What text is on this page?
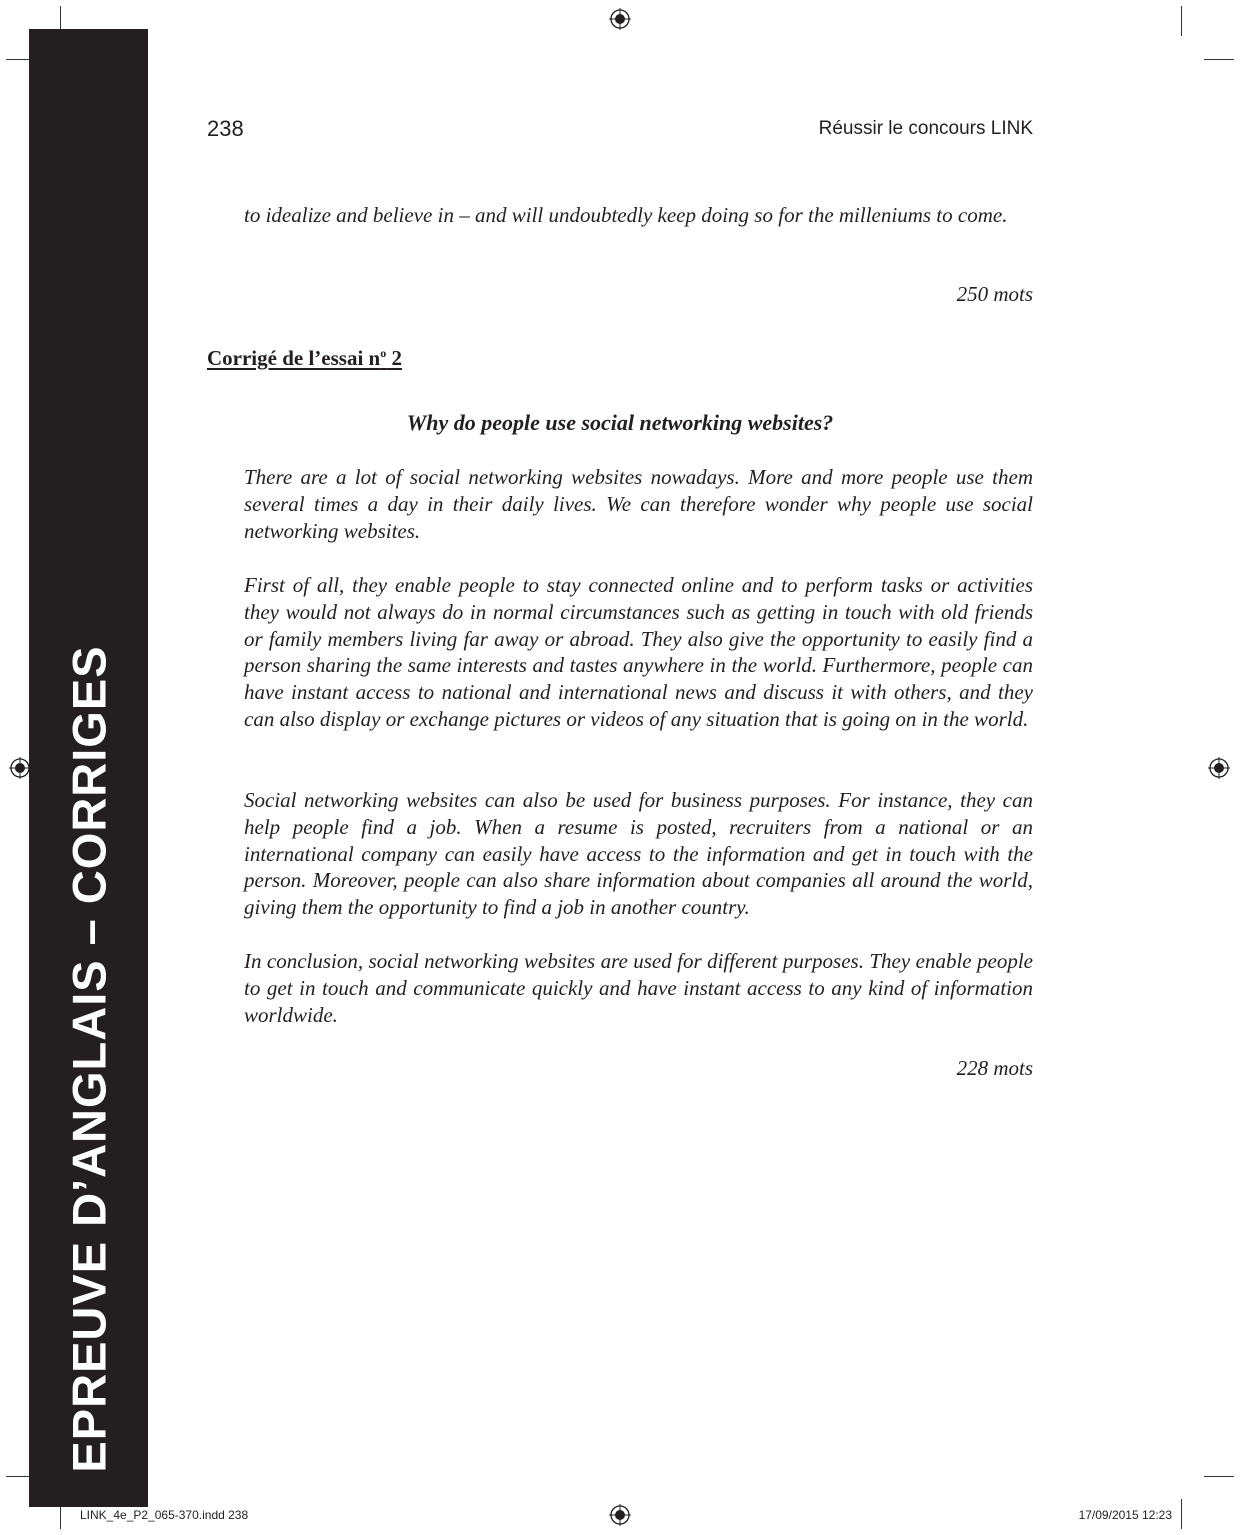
EPREUVE D’ANGLAIS – CORRIGES
238	Réussir le concours LINK

to idealize and believe in – and will undoubtedly keep doing so for the milleniums to come.

250 mots
Corrigé de l’essai $n^o$ 2
Why do people use social networking websites?

There are a lot of social networking websites nowadays. More and more people use them several times a day in their daily lives. We can therefore wonder why people use social networking websites.

First of all, they enable people to stay connected online and to perform tasks or activities they would not always do in normal circumstances such as getting in touch with old friends or family members living far away or abroad. They also give the opportunity to easily find a person sharing the same interests and tastes anywhere in the world. Furthermore, people can have instant access to national and international news and discuss it with others, and they can also display or exchange pictures or videos of any situation that is going on in the world.

Social networking websites can also be used for business purposes. For instance, they can help people find a job. When a resume is posted, recruiters from a national or an international company can easily have access to the information and get in touch with the person. Moreover, people can also share information about companies all around the world, giving them the opportunity to find a job in another country.

In conclusion, social networking websites are used for different purposes. They enable people to get in touch and communicate quickly and have instant access to any kind of information worldwide.

228 mots
LINK_4e_P2_065-370.indd 238	17/09/2015 12:23
